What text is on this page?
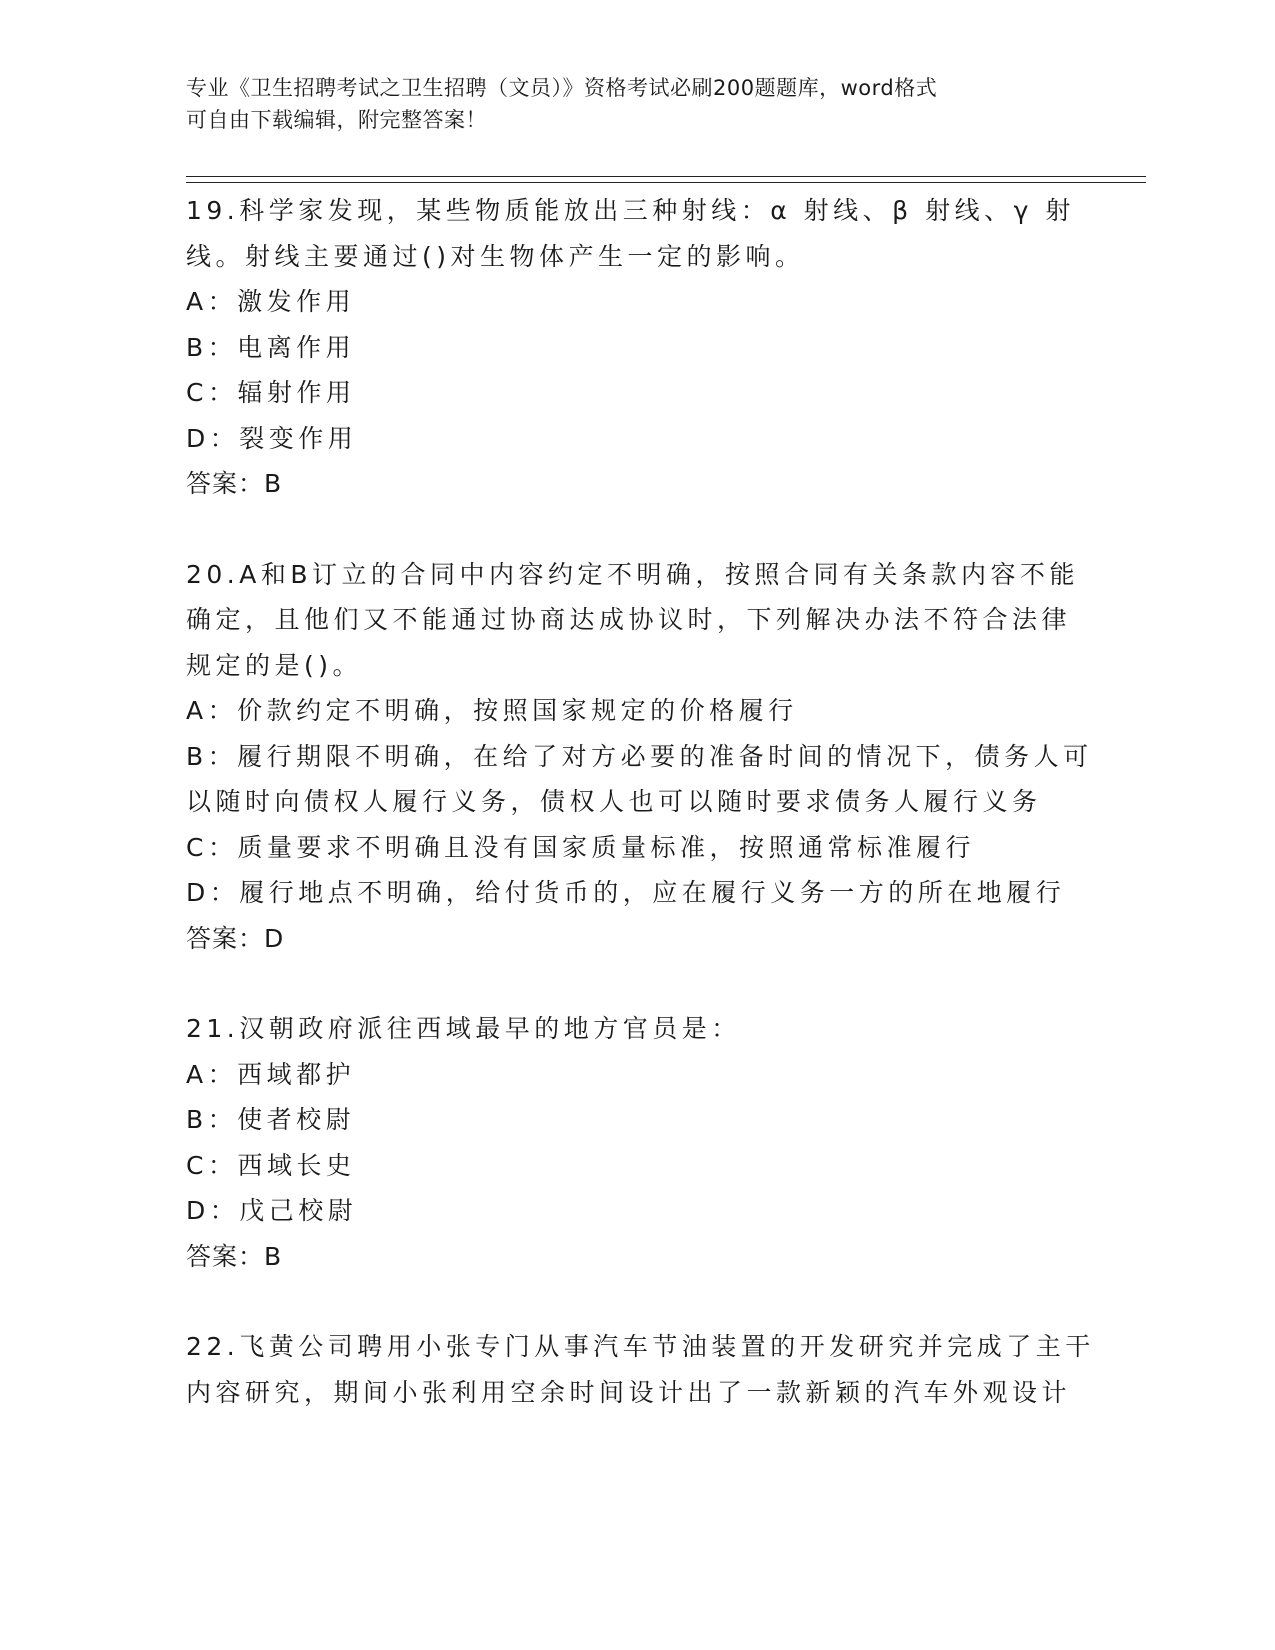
专业《卫生招聘考试之卫生招聘（文员）》资格考试必刷200题题库，word格式
可自由下载编辑，附完整答案！
19.科学家发现，某些物质能放出三种射线：α 射线、β 射线、γ 射
线。射线主要通过()对生物体产生一定的影响。
A：激发作用
B：电离作用
C：辐射作用
D：裂变作用
答案：B
20.A和B订立的合同中内容约定不明确，按照合同有关条款内容不能
确定，且他们又不能通过协商达成协议时，下列解决办法不符合法律
规定的是()。
A：价款约定不明确，按照国家规定的价格履行
B：履行期限不明确，在给了对方必要的准备时间的情况下，债务人可
以随时向债权人履行义务，债权人也可以随时要求债务人履行义务
C：质量要求不明确且没有国家质量标准，按照通常标准履行
D：履行地点不明确，给付货币的，应在履行义务一方的所在地履行
答案：D
21.汉朝政府派往西域最早的地方官员是：
A：西域都护
B：使者校尉
C：西域长史
D：戊己校尉
答案：B
22.飞黄公司聘用小张专门从事汽车节油装置的开发研究并完成了主干
内容研究，期间小张利用空余时间设计出了一款新颖的汽车外观设计
